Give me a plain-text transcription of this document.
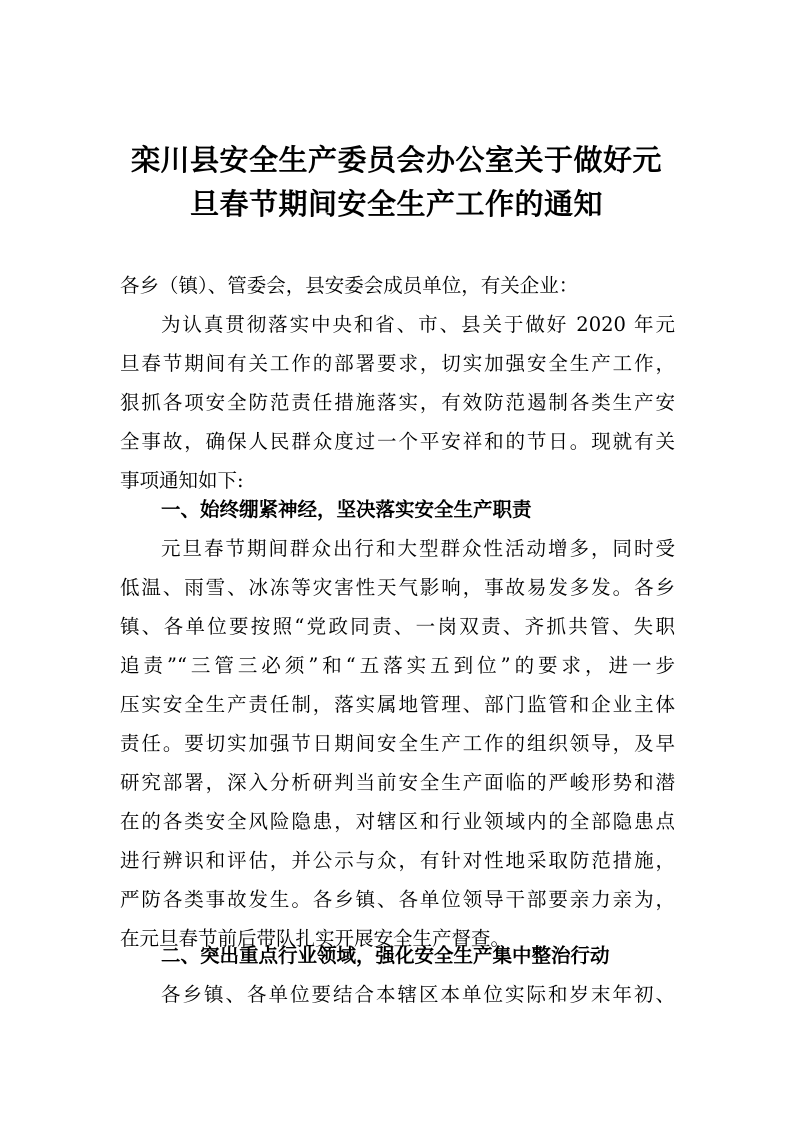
栾川县安全生产委员会办公室关于做好元
旦春节期间安全生产工作的通知
各乡（镇）、管委会，县安委会成员单位，有关企业：
为认真贯彻落实中央和省、市、县关于做好 2020 年元
旦春节期间有关工作的部署要求，切实加强安全生产工作，
狠抓各项安全防范责任措施落实，有效防范遏制各类生产安
全事故，确保人民群众度过一个平安祥和的节日。现就有关
事项通知如下:
一、始终绷紧神经，坚决落实安全生产职责
元旦春节期间群众出行和大型群众性活动增多，同时受
低温、雨雪、冰冻等灾害性天气影响，事故易发多发。各乡
镇、各单位要按照“党政同责、一岗双责、齐抓共管、失职
追责”“三管三必须”和“五落实五到位”的要求，进一步
压实安全生产责任制，落实属地管理、部门监管和企业主体
责任。要切实加强节日期间安全生产工作的组织领导，及早
研究部署，深入分析研判当前安全生产面临的严峻形势和潜
在的各类安全风险隐患，对辖区和行业领域内的全部隐患点
进行辨识和评估，并公示与众，有针对性地采取防范措施，
严防各类事故发生。各乡镇、各单位领导干部要亲力亲为，
在元旦春节前后带队扎实开展安全生产督查。
二、突出重点行业领域，强化安全生产集中整治行动
各乡镇、各单位要结合本辖区本单位实际和岁末年初、
